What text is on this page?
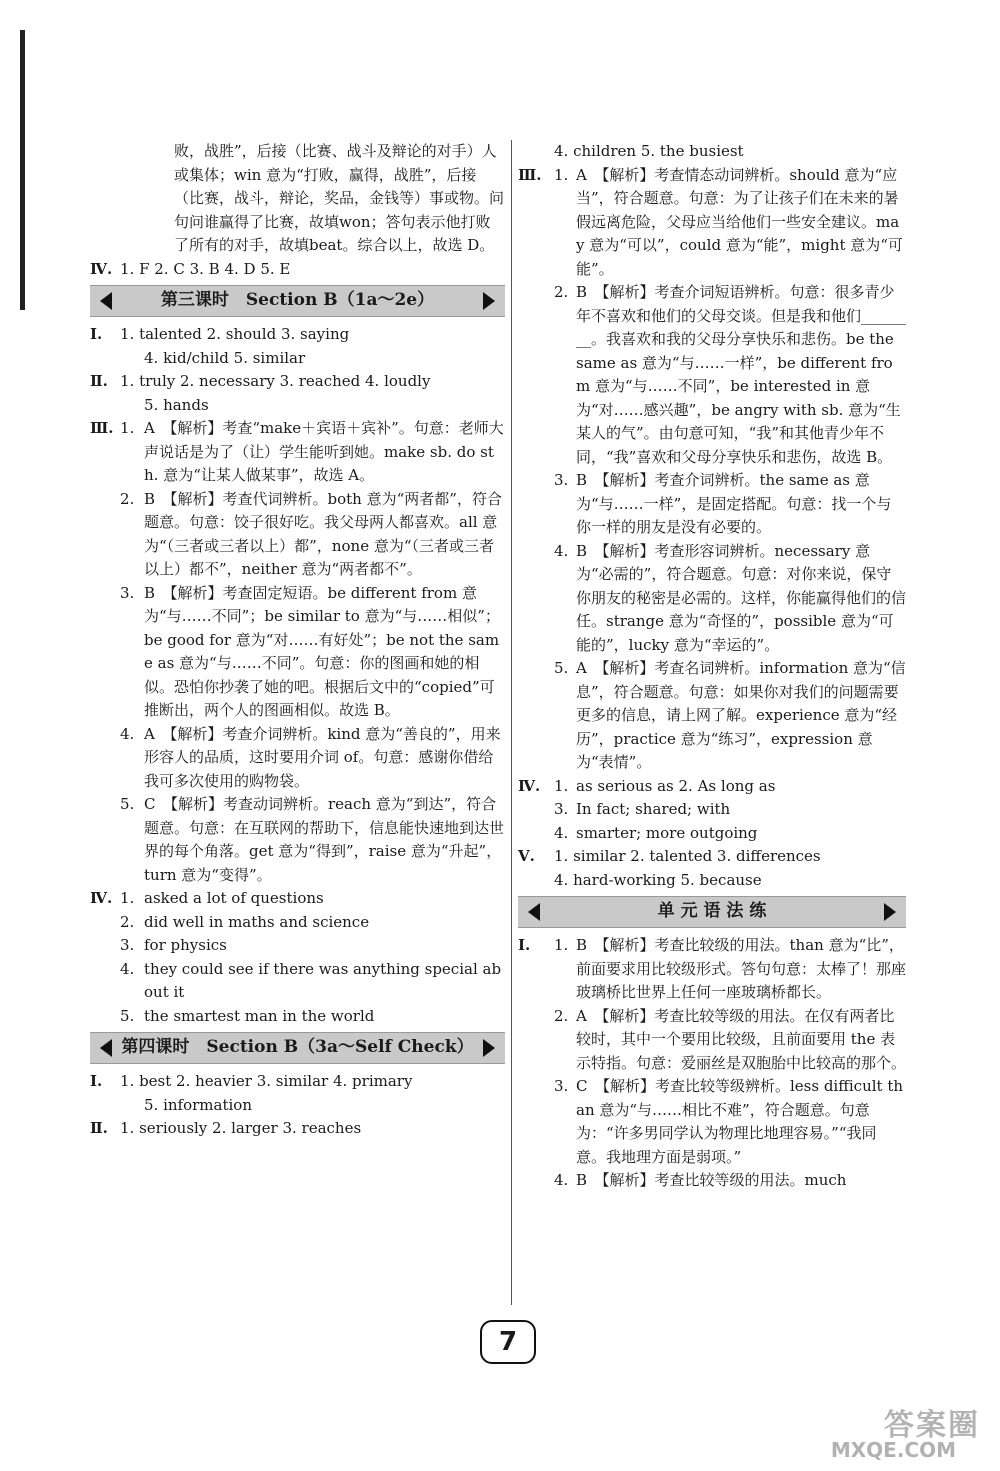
败，战胜”，后接（比赛、战斗及辩论的对手）人或集体；win 意为“打败，赢得，战胜”，后接（比赛，战斗，辩论，奖品，金钱等）事或物。问句问谁赢得了比赛，故填won；答句表示他打败了所有的对手，故填beat。综合以上，故选 D。
Ⅳ. 1. F 2. C 3. B 4. D 5. E
第三课时　Section B（1a～2e）
Ⅰ. 1. talented 2. should 3. saying
4. kid/child 5. similar
Ⅱ. 1. truly 2. necessary 3. reached 4. loudly
5. hands
Ⅲ. 1. A　【解析】考查“make＋宾语＋宾补”。句意：老师大声说话是为了（让）学生能听到她。make sb. do sth. 意为“让某人做某事”，故选 A。
2. B　【解析】考查代词辨析。both 意为“两者都”，符合题意。句意：饺子很好吃。我父母两人都喜欢。all 意为“（三者或三者以上）都”，none 意为“（三者或三者以上）都不”，neither 意为“两者都不”。
3. B　【解析】考查固定短语。be different from 意为“与……不同”；be similar to 意为“与……相似”；be good for 意为“对……有好处”；be not the same as 意为“与……不同”。句意：你的图画和她的相似。恐怕你抄袭了她的吧。根据后文中的“copied”可推断出，两个人的图画相似。故选 B。
4. A　【解析】考查介词辨析。kind 意为“善良的”，用来形容人的品质，这时要用介词 of。句意：感谢你借给我可多次使用的购物袋。
5. C　【解析】考查动词辨析。reach 意为“到达”，符合题意。句意：在互联网的帮助下，信息能快速地到达世界的每个角落。get 意为“得到”，raise 意为“升起”，turn 意为“变得”。
Ⅳ. 1. asked a lot of questions
2. did well in maths and science
3. for physics
4. they could see if there was anything special about it
5. the smartest man in the world
第四课时　Section B（3a～Self Check）
Ⅰ. 1. best 2. heavier 3. similar 4. primary
5. information
Ⅱ. 1. seriously 2. larger 3. reaches
4. children 5. the busiest
Ⅲ. 1. A　【解析】考查情态动词辨析。should 意为“应当”，符合题意。句意：为了让孩子们在未来的暑假远离危险，父母应当给他们一些安全建议。may 意为“可以”，could 意为“能”，might 意为“可能”。
2. B　【解析】考查介词短语辨析。句意：很多青少年不喜欢和他们的父母交谈。但是我和他们________。我喜欢和我的父母分享快乐和悲伤。be the same as 意为“与……一样”，be different from 意为“与……不同”，be interested in 意为“对……感兴趣”，be angry with sb. 意为“生某人的气”。由句意可知，“我”和其他青少年不同，“我”喜欢和父母分享快乐和悲伤，故选 B。
3. B　【解析】考查介词辨析。the same as 意为“与……一样”，是固定搭配。句意：找一个与你一样的朋友是没有必要的。
4. B　【解析】考查形容词辨析。necessary 意为“必需的”，符合题意。句意：对你来说，保守你朋友的秘密是必需的。这样，你能赢得他们的信任。strange 意为“奇怪的”，possible 意为“可能的”，lucky 意为“幸运的”。
5. A　【解析】考查名词辨析。information 意为“信息”，符合题意。句意：如果你对我们的问题需要更多的信息，请上网了解。experience 意为“经历”，practice 意为“练习”，expression 意为“表情”。
Ⅳ. 1. as serious as 2. As long as
3. In fact; shared; with
4. smarter; more outgoing
Ⅴ. 1. similar 2. talented 3. differences
4. hard-working 5. because
单 元 语 法 练
Ⅰ. 1. B　【解析】考查比较级的用法。than 意为“比”，前面要求用比较级形式。答句句意：太棒了！那座玻璃桥比世界上任何一座玻璃桥都长。
2. A　【解析】考查比较等级的用法。在仅有两者比较时，其中一个要用比较级，且前面要用 the 表示特指。句意：爱丽丝是双胞胎中比较高的那个。
3. C　【解析】考查比较等级辨析。less difficult than 意为“与……相比不难”，符合题意。句意为：“许多男同学认为物理比地理容易。”“我同意。我地理方面是弱项。”
4. B　【解析】考查比较等级的用法。much
7
答案圈
MXQE.COM
